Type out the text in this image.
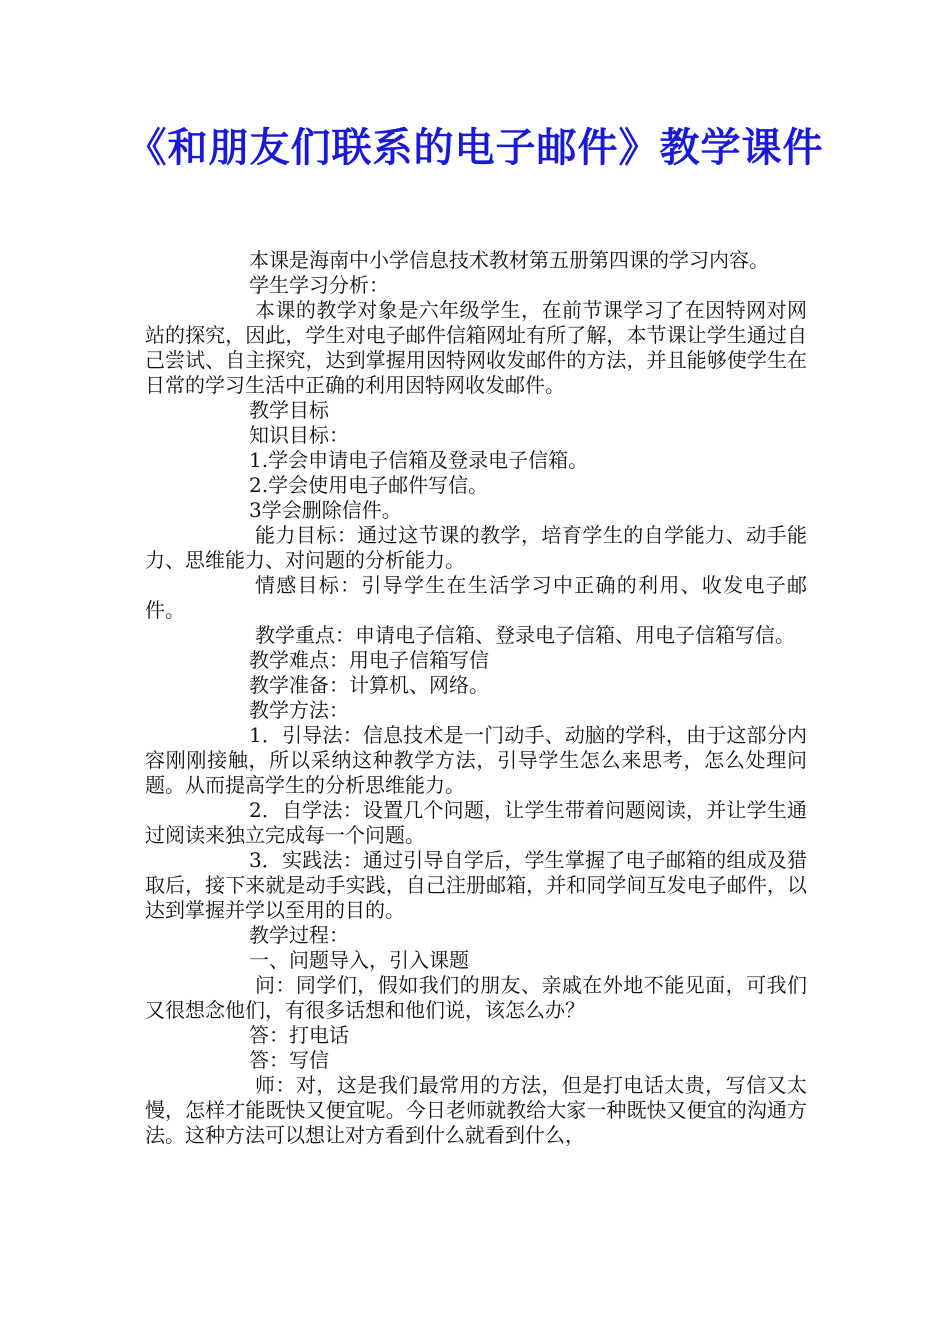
《和朋友们联系的电子邮件》教学课件

本课是海南中小学信息技术教材第五册第四课的学习内容。

学生学习分析：

本课的教学对象是六年级学生，在前节课学习了在因特网对网站的探究，因此，学生对电子邮件信箱网址有所了解，本节课让学生通过自己尝试、自主探究，达到掌握用因特网收发邮件的方法，并且能够使学生在日常的学习生活中正确的利用因特网收发邮件。

教学目标

知识目标：

1.学会申请电子信箱及登录电子信箱。

2.学会使用电子邮件写信。

3学会删除信件。

能力目标：通过这节课的教学，培育学生的自学能力、动手能力、思维能力、对问题的分析能力。

情感目标：引导学生在生活学习中正确的利用、收发电子邮件。

教学重点：申请电子信箱、登录电子信箱、用电子信箱写信。

教学难点：用电子信箱写信

教学准备：计算机、网络。

教学方法：

1．引导法：信息技术是一门动手、动脑的学科，由于这部分内容刚刚接触，所以采纳这种教学方法，引导学生怎么来思考，怎么处理问题。从而提高学生的分析思维能力。

2．自学法：设置几个问题，让学生带着问题阅读，并让学生通过阅读来独立完成每一个问题。

3．实践法：通过引导自学后，学生掌握了电子邮箱的组成及猎取后，接下来就是动手实践，自己注册邮箱，并和同学间互发电子邮件，以达到掌握并学以至用的目的。

教学过程：

一、问题导入，引入课题

问：同学们，假如我们的朋友、亲戚在外地不能见面，可我们又很想念他们，有很多话想和他们说，该怎么办？

答：打电话

答：写信

师：对，这是我们最常用的方法，但是打电话太贵，写信又太慢，怎样才能既快又便宜呢。今日老师就教给大家一种既快又便宜的沟通方法。这种方法可以想让对方看到什么就看到什么，
